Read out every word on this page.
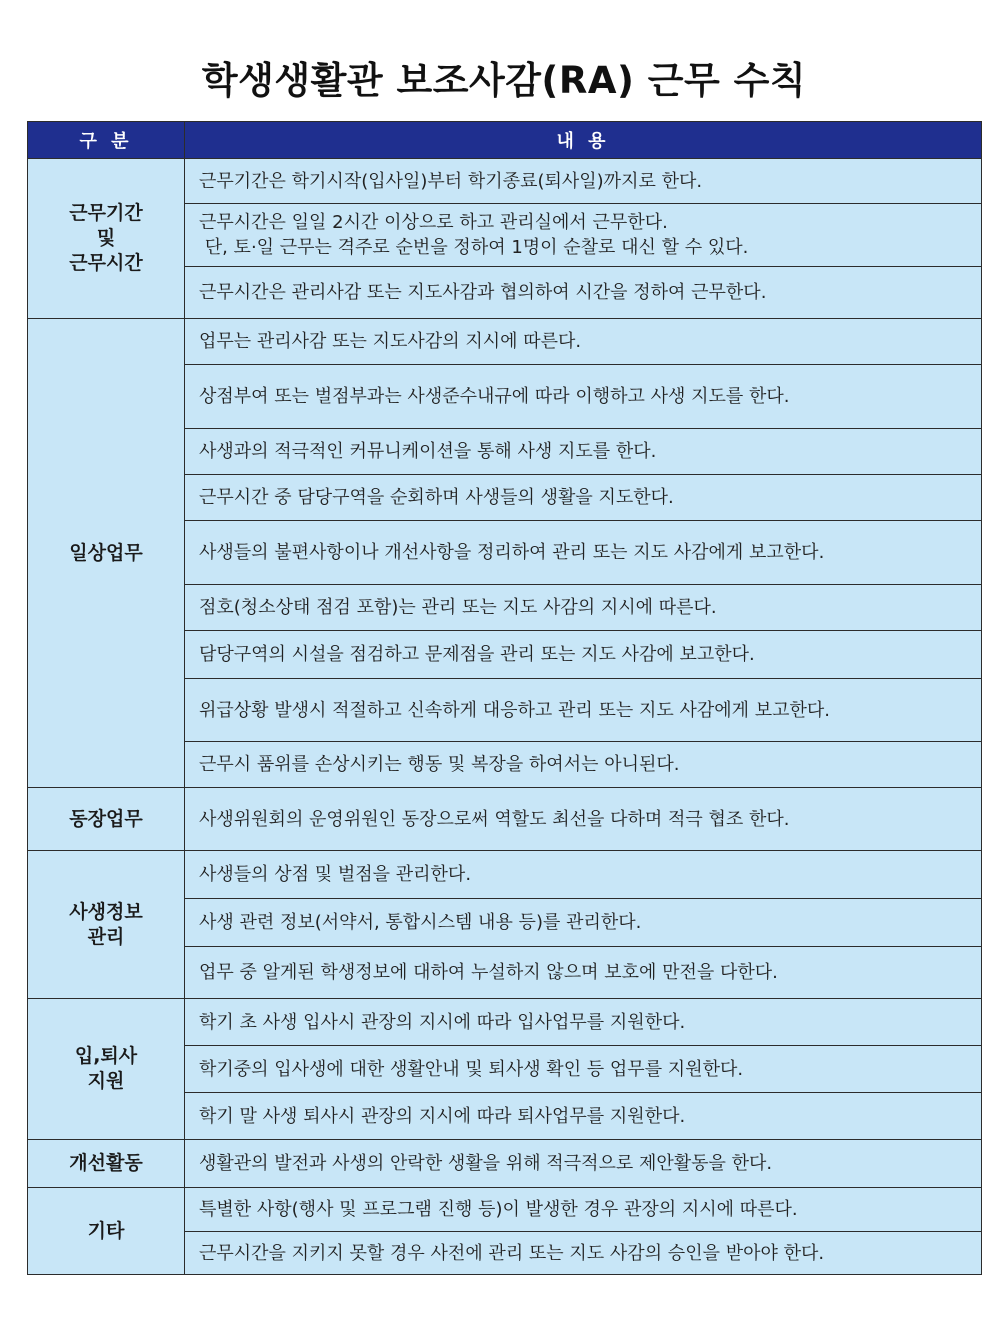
학생생활관 보조사감(RA) 근무 수칙
구 분	내 용
근무기간
및
근무시간	근무기간은 학기시작(입사일)부터 학기종료(퇴사일)까지로 한다.
	근무시간은 일일 2시간 이상으로 하고 관리실에서 근무한다.
단, 토·일 근무는 격주로 순번을 정하여 1명이 순찰로 대신 할 수 있다.
	근무시간은 관리사감 또는 지도사감과 협의하여 시간을 정하여 근무한다.
일상업무	업무는 관리사감 또는 지도사감의 지시에 따른다.
	상점부여 또는 벌점부과는 사생준수내규에 따라 이행하고 사생 지도를 한다.
	사생과의 적극적인 커뮤니케이션을 통해 사생 지도를 한다.
	근무시간 중 담당구역을 순회하며 사생들의 생활을 지도한다.
	사생들의 불편사항이나 개선사항을 정리하여 관리 또는 지도 사감에게 보고한다.
	점호(청소상태 점검 포함)는 관리 또는 지도 사감의 지시에 따른다.
	담당구역의 시설을 점검하고 문제점을 관리 또는 지도 사감에 보고한다.
	위급상황 발생시 적절하고 신속하게 대응하고 관리 또는 지도 사감에게 보고한다.
	근무시 품위를 손상시키는 행동 및 복장을 하여서는 아니된다.
동장업무	사생위원회의 운영위원인 동장으로써 역할도 최선을 다하며 적극 협조 한다.
사생정보
관리	사생들의 상점 및 벌점을 관리한다.
	사생 관련 정보(서약서, 통합시스템 내용 등)를 관리한다.
	업무 중 알게된 학생정보에 대하여 누설하지 않으며 보호에 만전을 다한다.
입,퇴사
지원	학기 초 사생 입사시 관장의 지시에 따라 입사업무를 지원한다.
	학기중의 입사생에 대한 생활안내 및 퇴사생 확인 등 업무를 지원한다.
	학기 말 사생 퇴사시 관장의 지시에 따라 퇴사업무를 지원한다.
개선활동	생활관의 발전과 사생의 안락한 생활을 위해 적극적으로 제안활동을 한다.
기타	특별한 사항(행사 및 프로그램 진행 등)이 발생한 경우 관장의 지시에 따른다.
	근무시간을 지키지 못할 경우 사전에 관리 또는 지도 사감의 승인을 받아야 한다.
